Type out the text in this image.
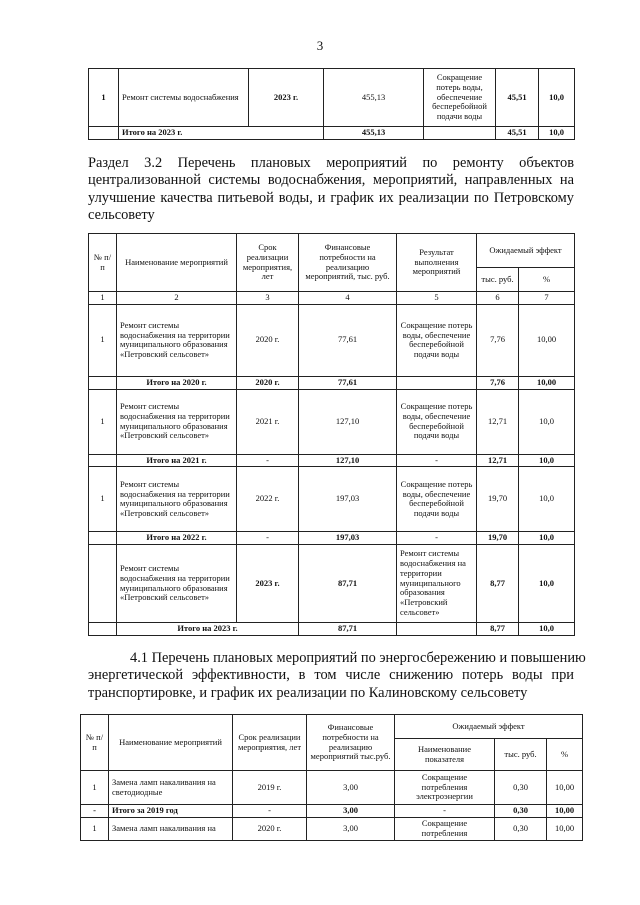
3
1	Ремонт системы водоснабжения	2023 г.	455,13	Сокращение потерь воды, обеспечение бесперебойной подачи воды	45,51	10,0
	Итого на 2023 г.		455,13		45,51	10,0
Раздел 3.2 Перечень плановых мероприятий по ремонту объектов
централизованной системы водоснабжения, мероприятий, направленных на
улучшение качества питьевой воды, и график их реализации по Петровскому
сельсовету
№ п/п	Наименование мероприятий	Срок реализации мероприятия, лет	Финансовые потребности на реализацию мероприятий, тыс. руб.	Результат выполнения мероприятий	Ожидаемый эффект	
					тыс. руб.	%
1	2	3	4	5	6	7
1	Ремонт системы водоснабжения на территории муниципального образования «Петровский сельсовет»	2020 г.	77,61	Сокращение потерь воды, обеспечение бесперебойной подачи воды	7,76	10,00
	Итого на 2020 г.	2020 г.	77,61		7,76	10,00
1	Ремонт системы водоснабжения на территории муниципального образования «Петровский сельсовет»	2021 г.	127,10	Сокращение потерь воды, обеспечение бесперебойной подачи воды	12,71	10,0
	Итого на 2021 г.	-	127,10	-	12,71	10,0
1	Ремонт системы водоснабжения на территории муниципального образования «Петровский сельсовет»	2022 г.	197,03	Сокращение потерь воды, обеспечение бесперебойной подачи воды	19,70	10,0
	Итого на 2022 г.	-	197,03	-	19,70	10,0
	Ремонт системы водоснабжения на территории муниципального образования «Петровский сельсовет»	2023 г.	87,71	Ремонт системы водоснабжения на территории муниципального образования «Петровский сельсовет»	8,77	10,0
	Итого на 2023 г.		87,71		8,77	10,0
4.1 Перечень плановых мероприятий по энергосбережению и повышению
энергетической эффективности, в том числе снижению потерь воды при
транспортировке, и график их реализации по Калиновскому сельсовету
№ п/п	Наименование мероприятий	Срок реализации мероприятия, лет	Финансовые потребности на реализацию мероприятий тыс.руб.	Ожидаемый эффект		
				Наименование показателя	тыс. руб.	%
1	Замена ламп накаливания на светодиодные	2019 г.	3,00	Сокращение потребления электроэнергии	0,30	10,00
-	Итого за 2019 год	-	3,00	-	0,30	10,00
1	Замена ламп накаливания на	2020 г.	3,00	Сокращение потребления	0,30	10,00
